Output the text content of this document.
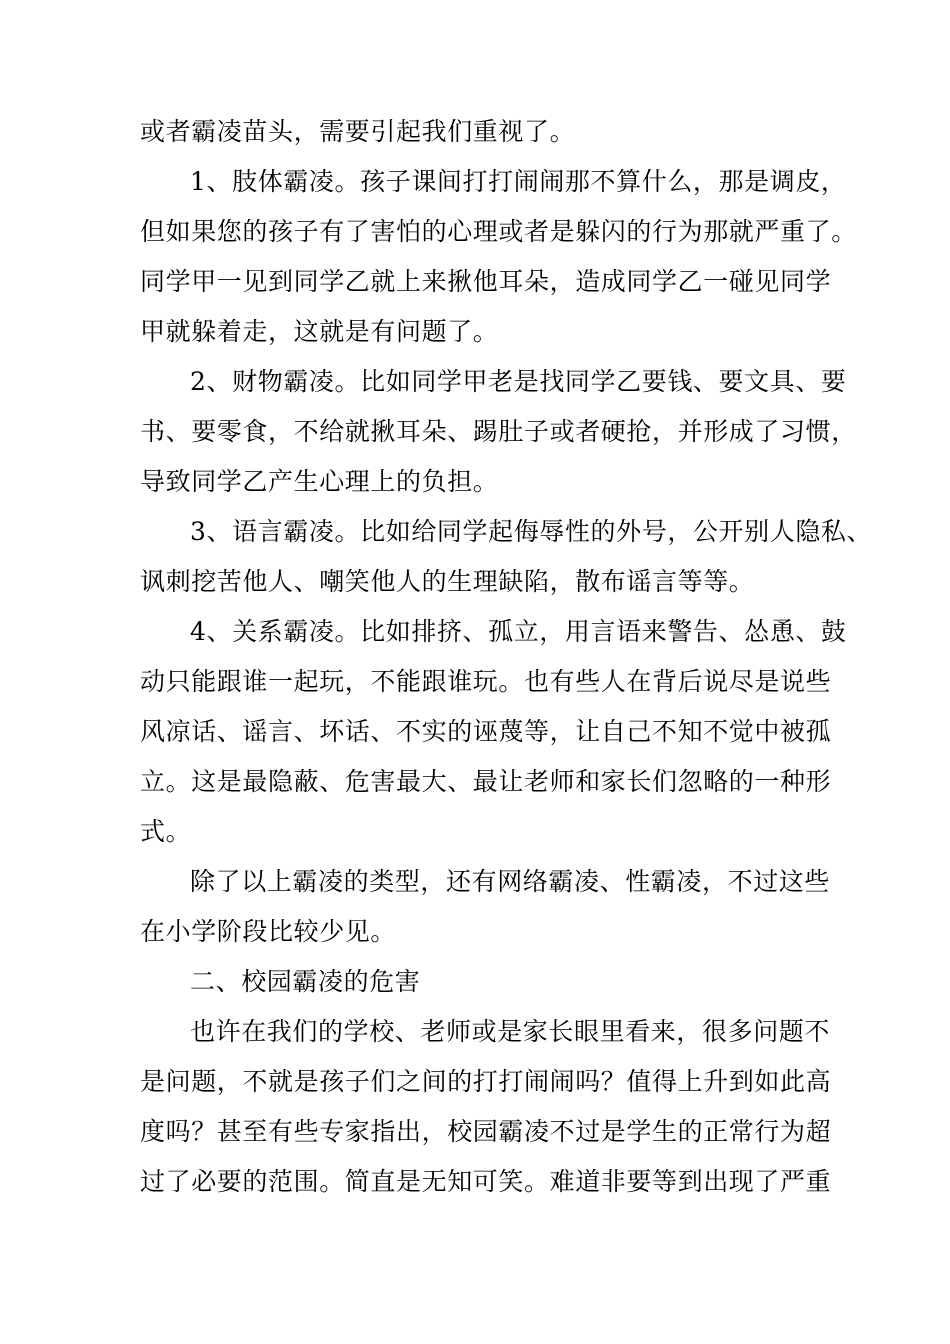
或者霸凌苗头，需要引起我们重视了。
1、肢体霸凌。孩子课间打打闹闹那不算什么，那是调皮，
但如果您的孩子有了害怕的心理或者是躲闪的行为那就严重了。
同学甲一见到同学乙就上来揪他耳朵，造成同学乙一碰见同学
甲就躲着走，这就是有问题了。
2、财物霸凌。比如同学甲老是找同学乙要钱、要文具、要
书、要零食，不给就揪耳朵、踢肚子或者硬抢，并形成了习惯，
导致同学乙产生心理上的负担。
3、语言霸凌。比如给同学起侮辱性的外号，公开别人隐私、
讽刺挖苦他人、嘲笑他人的生理缺陷，散布谣言等等。
4、关系霸凌。比如排挤、孤立，用言语来警告、怂恿、鼓
动只能跟谁一起玩，不能跟谁玩。也有些人在背后说尽是说些
风凉话、谣言、坏话、不实的诬蔑等，让自己不知不觉中被孤
立。这是最隐蔽、危害最大、最让老师和家长们忽略的一种形
式。
除了以上霸凌的类型，还有网络霸凌、性霸凌，不过这些
在小学阶段比较少见。
二、校园霸凌的危害
也许在我们的学校、老师或是家长眼里看来，很多问题不
是问题，不就是孩子们之间的打打闹闹吗？值得上升到如此高
度吗？甚至有些专家指出，校园霸凌不过是学生的正常行为超
过了必要的范围。简直是无知可笑。难道非要等到出现了严重
